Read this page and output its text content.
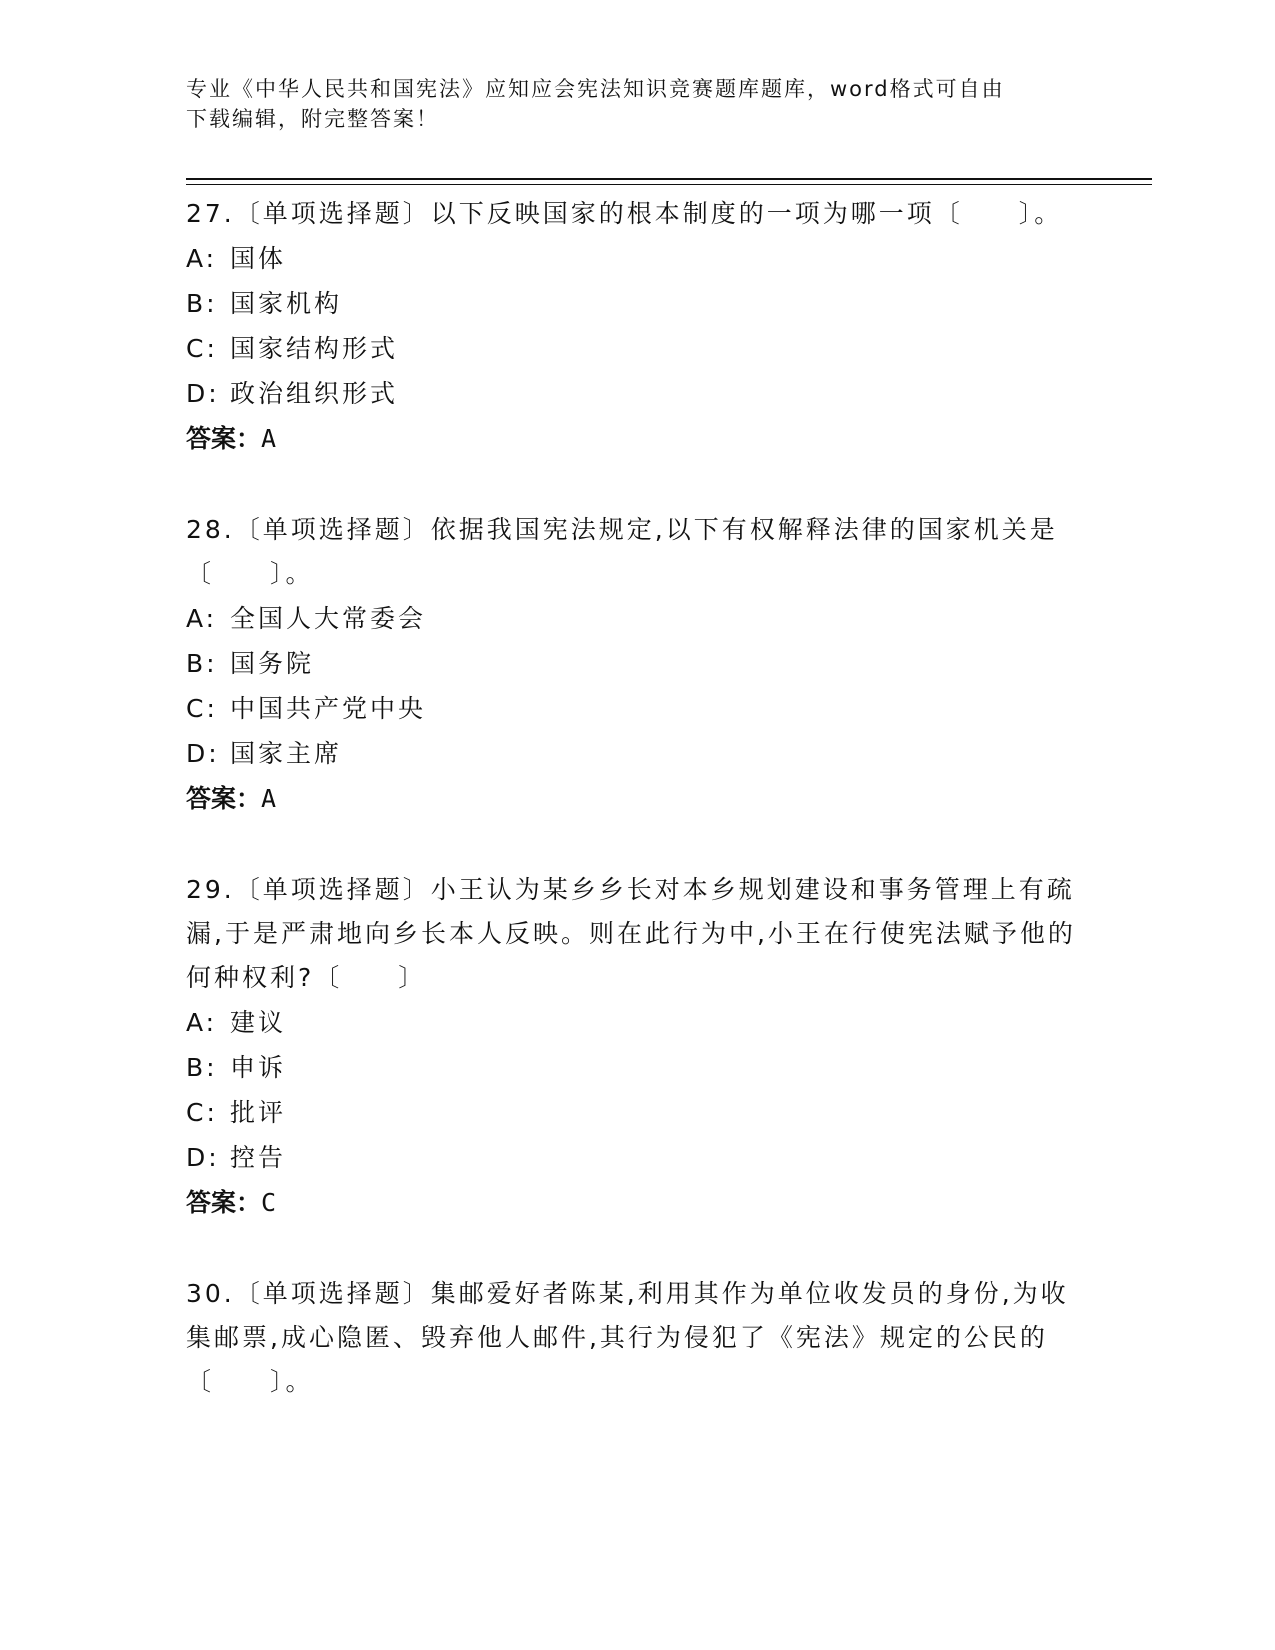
专业《中华人民共和国宪法》应知应会宪法知识竞赛题库题库，word格式可自由
下载编辑，附完整答案！

27.〔单项选择题〕以下反映国家的根本制度的一项为哪一项〔　　〕。

A: 国体

B: 国家机构

C: 国家结构形式

D: 政治组织形式

答案：A

28.〔单项选择题〕依据我国宪法规定,以下有权解释法律的国家机关是〔　　〕。

A: 全国人大常委会

B: 国务院

C: 中国共产党中央

D: 国家主席

答案：A

29.〔单项选择题〕小王认为某乡乡长对本乡规划建设和事务管理上有疏漏,于是严肃地向乡长本人反映。则在此行为中,小王在行使宪法赋予他的何种权利?〔　　〕

A: 建议

B: 申诉

C: 批评

D: 控告

答案：C

30.〔单项选择题〕集邮爱好者陈某,利用其作为单位收发员的身份,为收集邮票,成心隐匿、毁弃他人邮件,其行为侵犯了《宪法》规定的公民的〔　　〕。
